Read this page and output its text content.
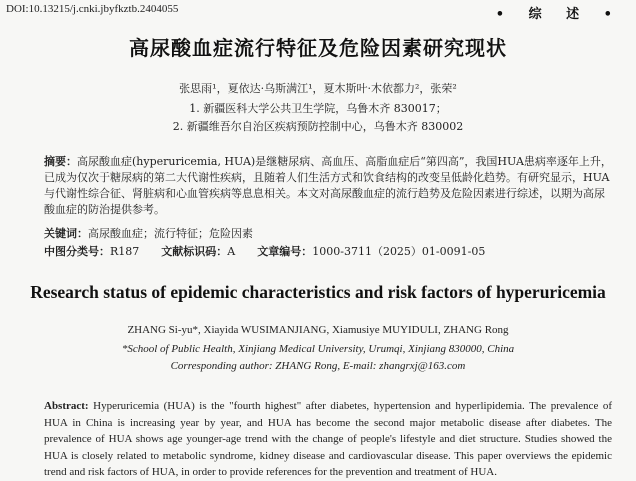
DOI:10.13215/j.cnki.jbyfkztb.2404055	• 综 述 •
高尿酸血症流行特征及危险因素研究现状
张思雨¹，夏依达·乌斯满江¹，夏木斯叶·木依都力²，张荣²
1. 新疆医科大学公共卫生学院，乌鲁木齐 830017；
2. 新疆维吾尔自治区疾病预防控制中心，乌鲁木齐 830002
摘要：高尿酸血症(hyperuricemia, HUA)是继糖尿病、高血压、高脂血症后“第四高”，我国HUA患病率逐年上升，已成为仅次于糖尿病的第二大代谢性疾病，且随着人们生活方式和饮食结构的改变呈低龄化趋势。有研究显示，HUA与代谢性综合征、肾脏病和心血管疾病等息息相关。本文对高尿酸血症的流行趋势及危险因素进行综述，以期为高尿酸血症的防治提供参考。
关键词：高尿酸血症；流行特征；危险因素
中图分类号：R187 文献标识码：A 文章编号：1000-3711（2025）01-0091-05
Research status of epidemic characteristics and risk factors of hyperuricemia
ZHANG Si-yu*, Xiayida WUSIMANJIANG, Xiamusiye MUYIDULI, ZHANG Rong
*School of Public Health, Xinjiang Medical University, Urumqi, Xinjiang 830000, China
Corresponding author: ZHANG Rong, E-mail: zhangrxj@163.com
Abstract: Hyperuricemia (HUA) is the "fourth highest" after diabetes, hypertension and hyperlipidemia. The prevalence of HUA in China is increasing year by year, and HUA has become the second major metabolic disease after diabetes. The prevalence of HUA shows age younger-age trend with the change of people's lifestyle and diet structure. Studies showed the HUA is closely related to metabolic syndrome, kidney disease and cardiovascular disease. This paper overviews the epidemic trend and risk factors of HUA, in order to provide references for the prevention and treatment of HUA.
